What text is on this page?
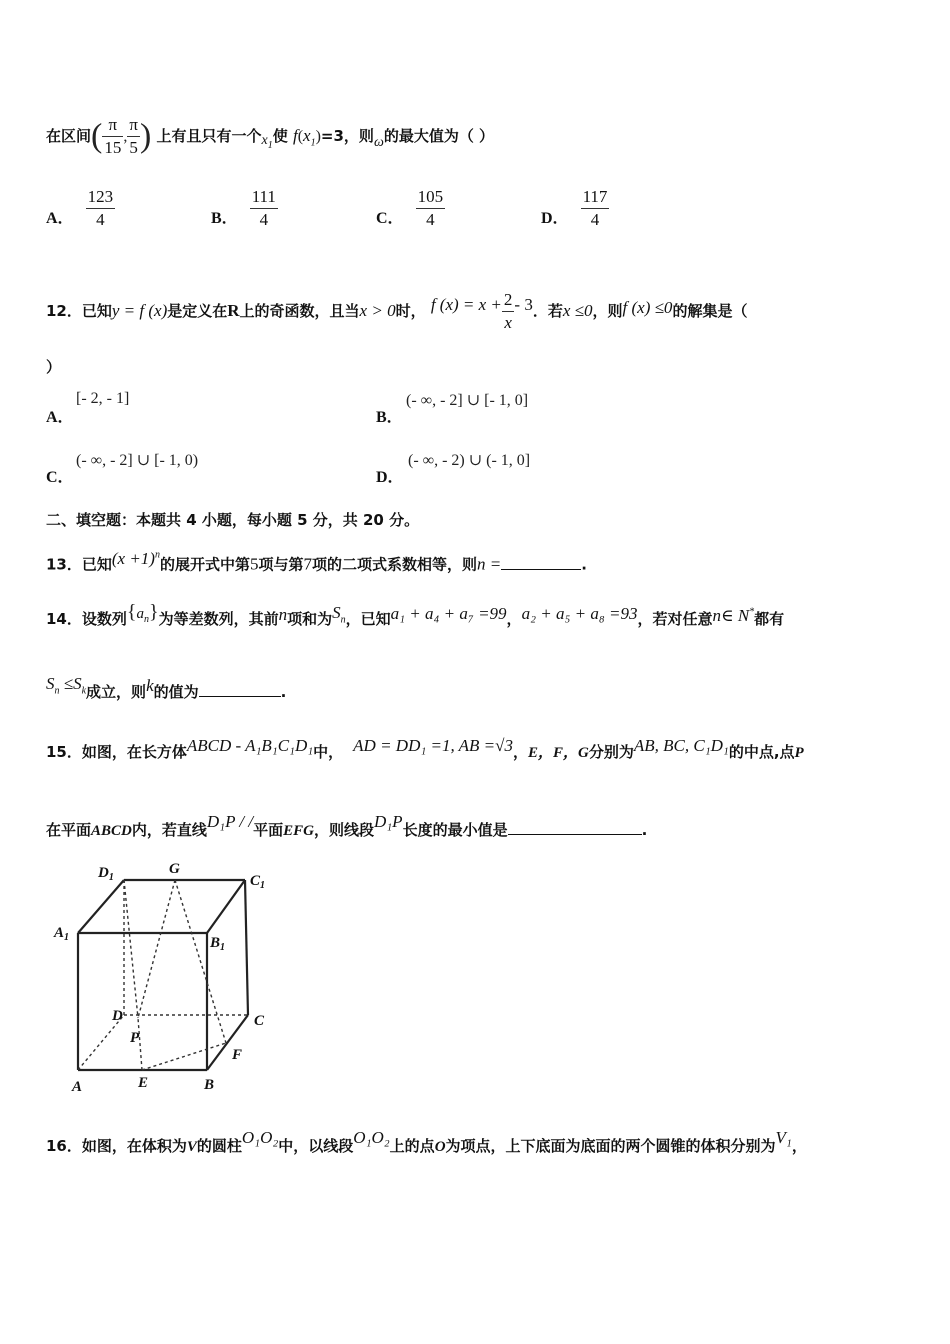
在区间( $\frac{\pi}{15}$ , $\frac{\pi}{5}$ ) 上有且只有一个$x_1$使 $f(x_1)=3$，则ω的最大值为（ ）
A． $\frac{123}{4}$	B． $\frac{111}{4}$	C． $\frac{105}{4}$	D． $\frac{117}{4}$
12．已知y = f (x)是定义在R上的奇函数，且当x > 0时， f $(x) = x + \frac{2}{x} - 3$．若x ≤0，则f (x) ≤0的解集是（
）
A．
[- 2, - 1]
B．
(- ∞, - 2] ∪ [- 1, 0]
C．
(- ∞, - 2] ∪ [- 1, 0)
D．
(- ∞, - 2) ∪ (- 1, 0]
二、填空题：本题共 4 小题，每小题 5 分，共 20 分。
13．已知$(x +1)^n$的展开式中第5项与第7项的二项式系数相等，则n =	.
14．设数列$\{a_n\}$为等差数列，其前n项和为$S_n$，已知a₁ + a₄ + a₇ =99，a₂ + a₅ + a₈ =93，若对任意n∈ N*都有
$S_n \le S_k$成立，则k的值为	.
15．如图，在长方体ABCD - A₁B₁C₁D₁中， AD = DD₁ =1, AB =√3，E，F，G分别为AB, BC, C₁D₁的中点,点P
在平面ABCD内，若直线D₁P / /平面EFG，则线段D₁P长度的最小值是	.
$D_1$
G
$C_1$
$A_1$	$B_1$
D	C
P
F
A	E	B
16．如图，在体积为V的圆柱O₁O₂中，以线段O₁O₂上的点O为项点，上下底面为底面的两个圆锥的体积分别为V₁，
